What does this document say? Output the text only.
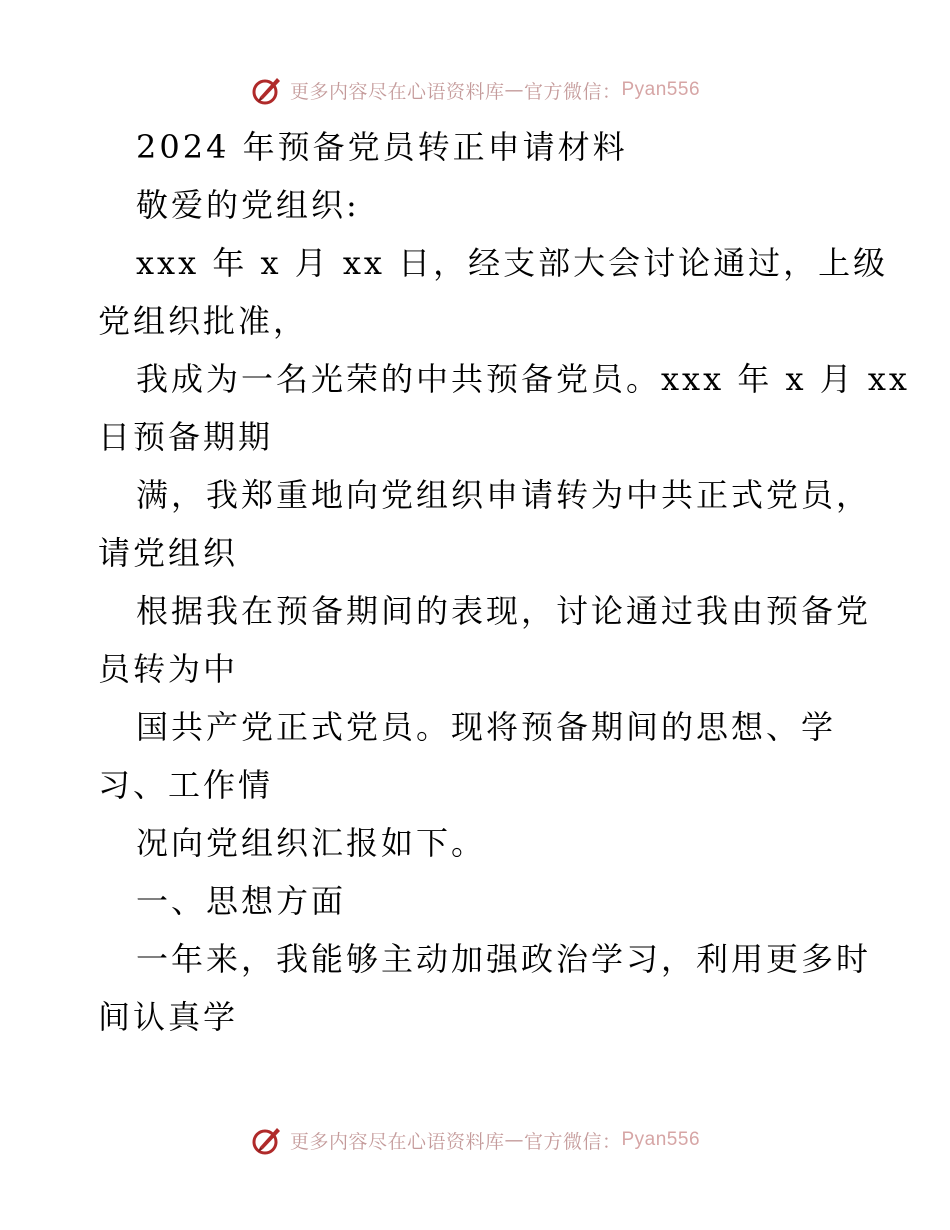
更多内容尽在心语资料库 — 官方微信： Pyan556
2024 年预备党员转正申请材料
敬爱的党组织:
xxx 年 x 月 xx 日，经支部大会讨论通过，上级
党组织批准，
我成为一名光荣的中共预备党员。xxx 年 x 月 xx
日预备期期
满，我郑重地向党组织申请转为中共正式党员，
请党组织
根据我在预备期间的表现，讨论通过我由预备党
员转为中
国共产党正式党员。现将预备期间的思想、学
习、工作情
况向党组织汇报如下。
一、思想方面
一年来，我能够主动加强政治学习，利用更多时
间认真学
更多内容尽在心语资料库 — 官方微信： Pyan556
